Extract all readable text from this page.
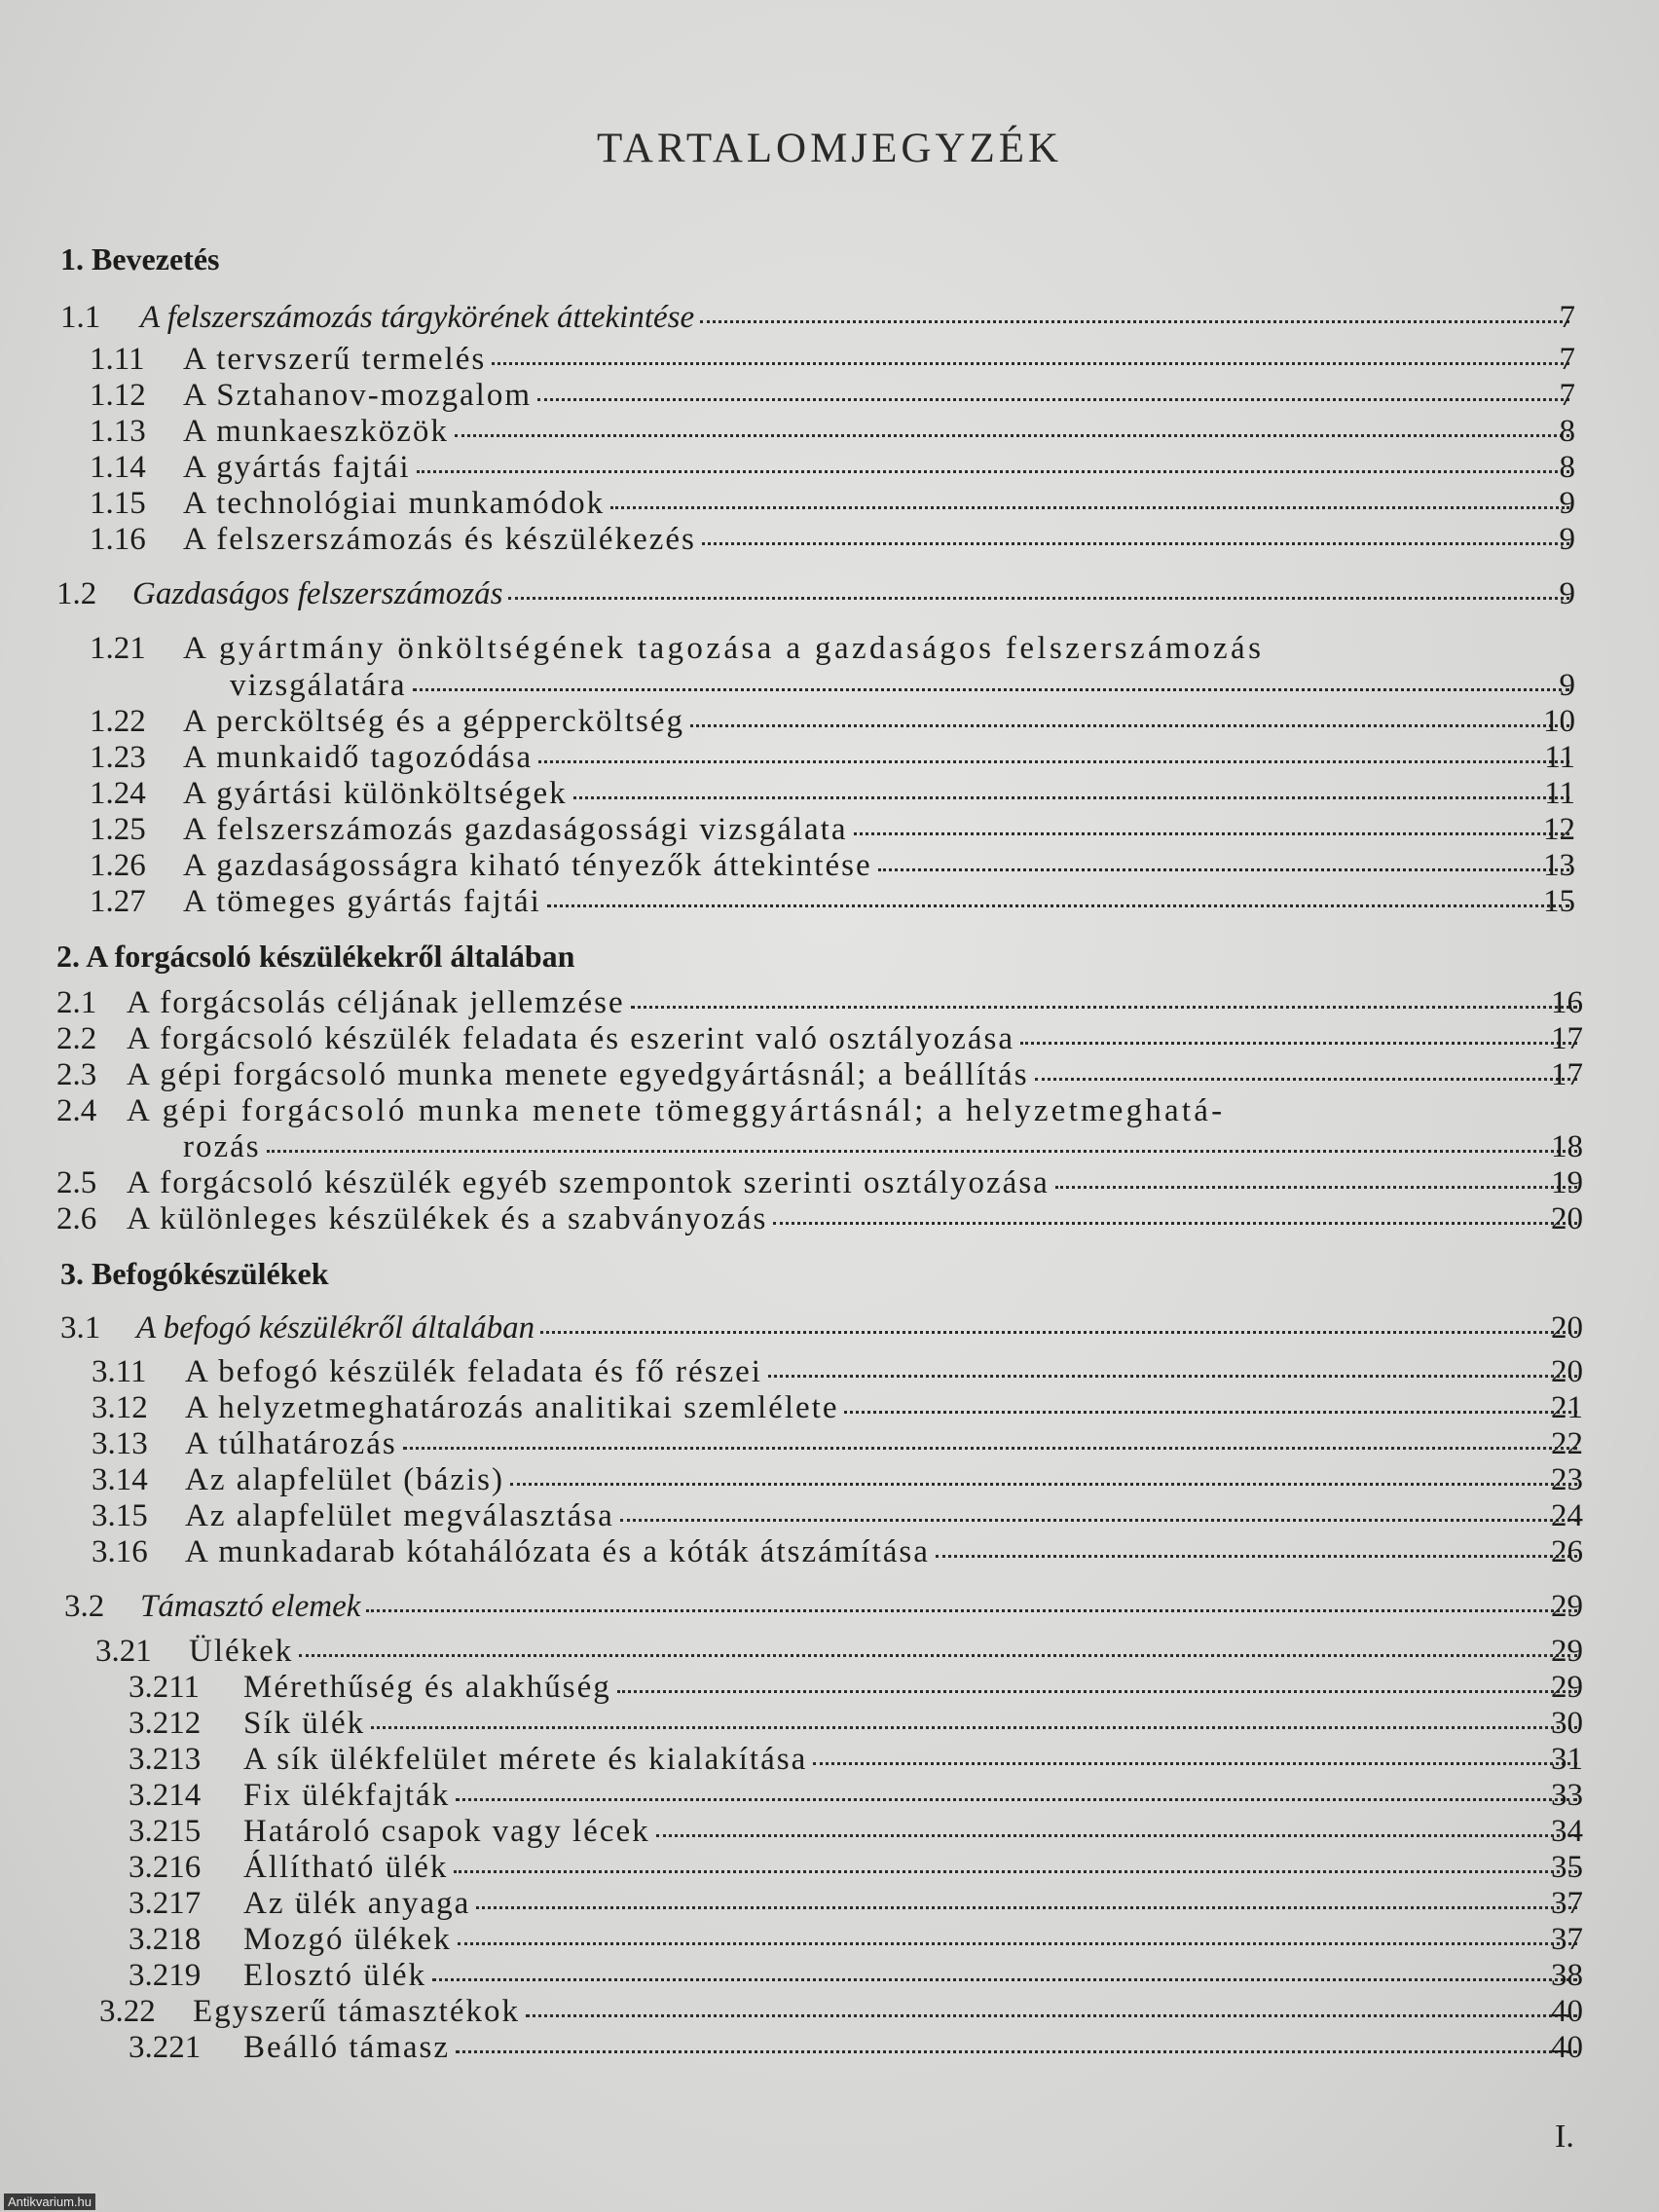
TARTALOMJEGYZÉK
1. Bevezetés
1.1	A felszerszámozás tárgykörének áttekintése	7
1.11	A tervszerű termelés	7
1.12	A Sztahanov-mozgalom	7
1.13	A munkaeszközök	8
1.14	A gyártás fajtái	8
1.15	A technológiai munkamódok	9
1.16	A felszerszámozás és készülékezés	9
1.2	Gazdaságos felszerszámozás	9
1.21	A gyártmány önköltségének tagozása a gazdaságos felszerszámozás
vizsgálatára	9
1.22	A percköltség és a géppercköltség	10
1.23	A munkaidő tagozódása	11
1.24	A gyártási különköltségek	11
1.25	A felszerszámozás gazdaságossági vizsgálata	12
1.26	A gazdaságosságra kiható tényezők áttekintése	13
1.27	A tömeges gyártás fajtái	15
2. A forgácsoló készülékekről általában
2.1 A forgácsolás céljának jellemzése	16
2.2 A forgácsoló készülék feladata és eszerint való osztályozása	17
2.3 A gépi forgácsoló munka menete egyedgyártásnál; a beállítás	17
2.4 A gépi forgácsoló munka menete tömeggyártásnál; a helyzetmeghatá-
rozás	18
2.5 A forgácsoló készülék egyéb szempontok szerinti osztályozása	19
2.6 A különleges készülékek és a szabványozás	20
3. Befogókészülékek
3.1	A befogó készülékről általában	20
3.11	A befogó készülék feladata és fő részei	20
3.12	A helyzetmeghatározás analitikai szemlélete	21
3.13	A túlhatározás	22
3.14	Az alapfelület (bázis)	23
3.15	Az alapfelület megválasztása	24
3.16	A munkadarab kótahálózata és a kóták átszámítása	26
3.2	Támasztó elemek	29
3.21	Ülékek	29
3.211	Mérethűség és alakhűség	29
3.212	Sík ülék	30
3.213	A sík ülékfelület mérete és kialakítása	31
3.214	Fix ülékfajták	33
3.215	Határoló csapok vagy lécek	34
3.216	Állítható ülék	35
3.217	Az ülék anyaga	37
3.218	Mozgó ülékek	37
3.219	Elosztó ülék	38
3.22	Egyszerű támasztékok	40
3.221	Beálló támasz	40
I.
Antikvarium.hu
